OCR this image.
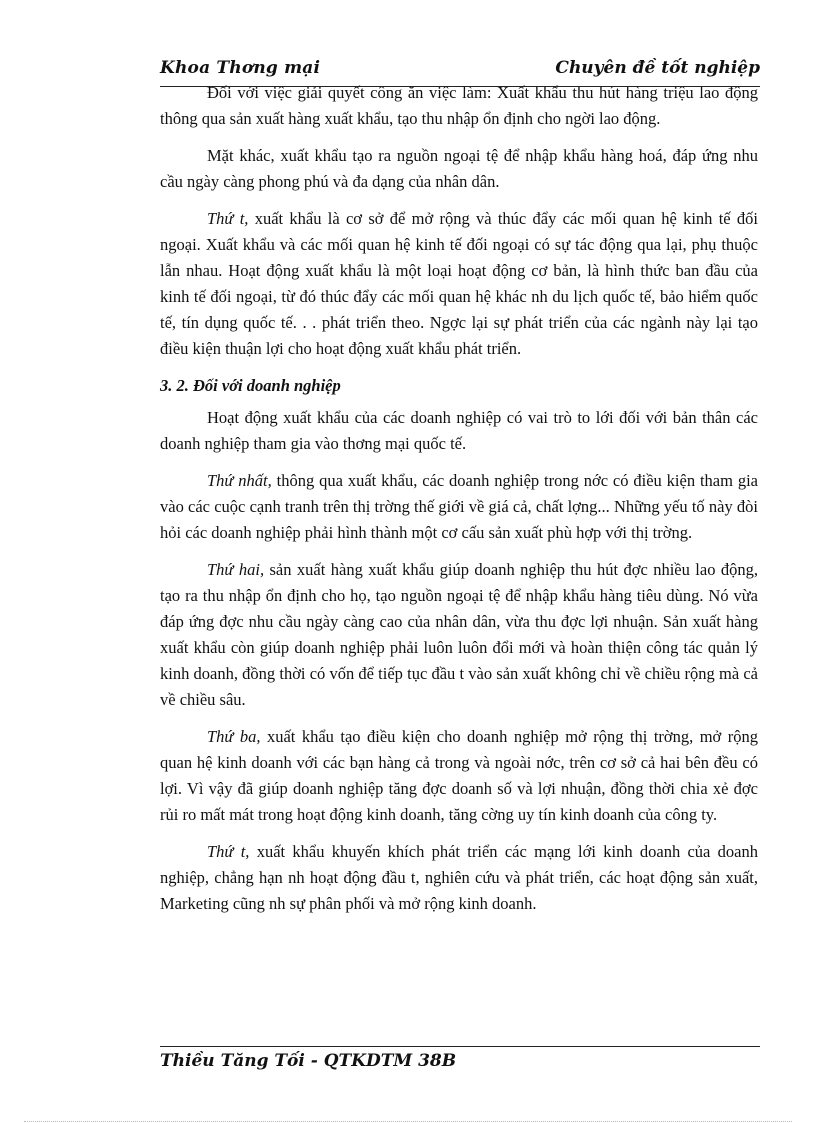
Khoa Thơng mại	Chuyên đề tốt nghiệp

Đối với việc giải quyết công ăn việc làm: Xuất khẩu thu hút hàng triệu lao động thông qua sản xuất hàng xuất khẩu, tạo thu nhập ổn định cho ngời lao động.

Mặt khác, xuất khẩu tạo ra nguồn ngoại tệ để nhập khẩu hàng hoá, đáp ứng nhu cầu ngày càng phong phú và đa dạng của nhân dân.

Thứ t, xuất khẩu là cơ sở để mở rộng và thúc đẩy các mối quan hệ kinh tế đối ngoại. Xuất khẩu và các mối quan hệ kinh tế đối ngoại có sự tác động qua lại, phụ thuộc lẫn nhau. Hoạt động xuất khẩu là một loại hoạt động cơ bản, là hình thức ban đầu của kinh tế đối ngoại, từ đó thúc đẩy các mối quan hệ khác nh du lịch quốc tế, bảo hiểm quốc tế, tín dụng quốc tế. . . phát triển theo. Ngợc lại sự phát triển của các ngành này lại tạo điều kiện thuận lợi cho hoạt động xuất khẩu phát triển.

3. 2. Đối với doanh nghiệp

Hoạt động xuất khẩu của các doanh nghiệp có vai trò to lới đối với bản thân các doanh nghiệp tham gia vào thơng mại quốc tế.

Thứ nhất, thông qua xuất khẩu, các doanh nghiệp trong nớc có điều kiện tham gia vào các cuộc cạnh tranh trên thị trờng thế giới về giá cả, chất lợng... Những yếu tố này đòi hỏi các doanh nghiệp phải hình thành một cơ cấu sản xuất phù hợp với thị trờng.

Thứ hai, sản xuất hàng xuất khẩu giúp doanh nghiệp thu hút đợc nhiều lao động, tạo ra thu nhập ổn định cho họ, tạo nguồn ngoại tệ để nhập khẩu hàng tiêu dùng. Nó vừa đáp ứng đợc nhu cầu ngày càng cao của nhân dân, vừa thu đợc lợi nhuận. Sản xuất hàng xuất khẩu còn giúp doanh nghiệp phải luôn luôn đổi mới và hoàn thiện công tác quản lý kinh doanh, đồng thời có vốn để tiếp tục đầu t vào sản xuất không chỉ về chiều rộng mà cả về chiều sâu.

Thứ ba, xuất khẩu tạo điều kiện cho doanh nghiệp mở rộng thị trờng, mở rộng quan hệ kinh doanh với các bạn hàng cả trong và ngoài nớc, trên cơ sở cả hai bên đều có lợi. Vì vậy đã giúp doanh nghiệp tăng đợc doanh số và lợi nhuận, đồng thời chia xẻ đợc rủi ro mất mát trong hoạt động kinh doanh, tăng cờng uy tín kinh doanh của công ty.

Thứ t, xuất khẩu khuyến khích phát triển các mạng lới kinh doanh của doanh nghiệp, chẳng hạn nh hoạt động đầu t, nghiên cứu và phát triển, các hoạt động sản xuất, Marketing cũng nh sự phân phối và mở rộng kinh doanh.

Thiều Tăng Tối - QTKDTM 38B
